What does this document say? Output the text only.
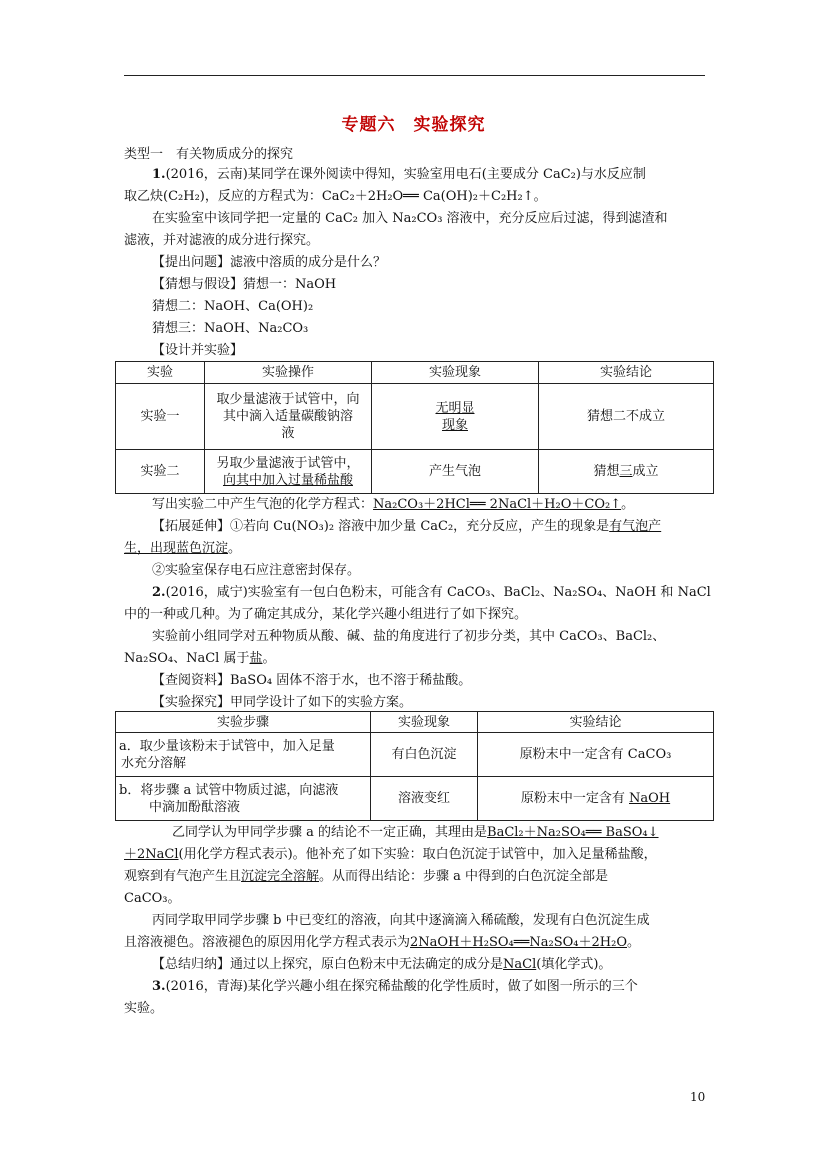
专题六　实验探究
类型一　有关物质成分的探究
1.(2016，云南)某同学在课外阅读中得知，实验室用电石(主要成分 CaC₂)与水反应制
取乙炔(C₂H₂)，反应的方程式为：CaC₂＋2H₂O══ Ca(OH)₂＋C₂H₂↑。
在实验室中该同学把一定量的 CaC₂ 加入 Na₂CO₃ 溶液中，充分反应后过滤，得到滤渣和
滤液，并对滤液的成分进行探究。
【提出问题】滤液中溶质的成分是什么？
【猜想与假设】猜想一：NaOH
猜想二：NaOH、Ca(OH)₂
猜想三：NaOH、Na₂CO₃
【设计并实验】
实验	实验操作	实验现象	实验结论
实验一	取少量滤液于试管中，向
其中滴入适量碳酸钠溶
液	无明显
现象	猜想二不成立
实验二	另取少量滤液于试管中，
向其中加入过量稀盐酸	产生气泡	猜想三成立
写出实验二中产生气泡的化学方程式：Na₂CO₃＋2HCl══ 2NaCl＋H₂O＋CO₂↑。
【拓展延伸】①若向 Cu(NO₃)₂ 溶液中加少量 CaC₂，充分反应，产生的现象是有气泡产
生，出现蓝色沉淀。
②实验室保存电石应注意密封保存。
2.(2016，咸宁)实验室有一包白色粉末，可能含有 CaCO₃、BaCl₂、Na₂SO₄、NaOH 和 NaCl
中的一种或几种。为了确定其成分，某化学兴趣小组进行了如下探究。
实验前小组同学对五种物质从酸、碱、盐的角度进行了初步分类，其中 CaCO₃、BaCl₂、
Na₂SO₄、NaCl 属于盐。
【查阅资料】BaSO₄ 固体不溶于水，也不溶于稀盐酸。
【实验探究】甲同学设计了如下的实验方案。
实验步骤	实验现象	实验结论
a．取少量该粉末于试管中，加入足量
水充分溶解	有白色沉淀	原粉末中一定含有 CaCO₃
b．将步骤 a 试管中物质过滤，向滤液
中滴加酚酞溶液	溶液变红	原粉末中一定含有 NaOH
乙同学认为甲同学步骤 a 的结论不一定正确，其理由是BaCl₂＋Na₂SO₄══ BaSO₄↓
＋2NaCl(用化学方程式表示)。他补充了如下实验：取白色沉淀于试管中，加入足量稀盐酸，
观察到有气泡产生且沉淀完全溶解。从而得出结论：步骤 a 中得到的白色沉淀全部是
CaCO₃。
丙同学取甲同学步骤 b 中已变红的溶液，向其中逐滴滴入稀硫酸，发现有白色沉淀生成
且溶液褪色。溶液褪色的原因用化学方程式表示为2NaOH＋H₂SO₄══Na₂SO₄＋2H₂O。
【总结归纳】通过以上探究，原白色粉末中无法确定的成分是NaCl(填化学式)。
3.(2016，青海)某化学兴趣小组在探究稀盐酸的化学性质时，做了如图一所示的三个
实验。
10
